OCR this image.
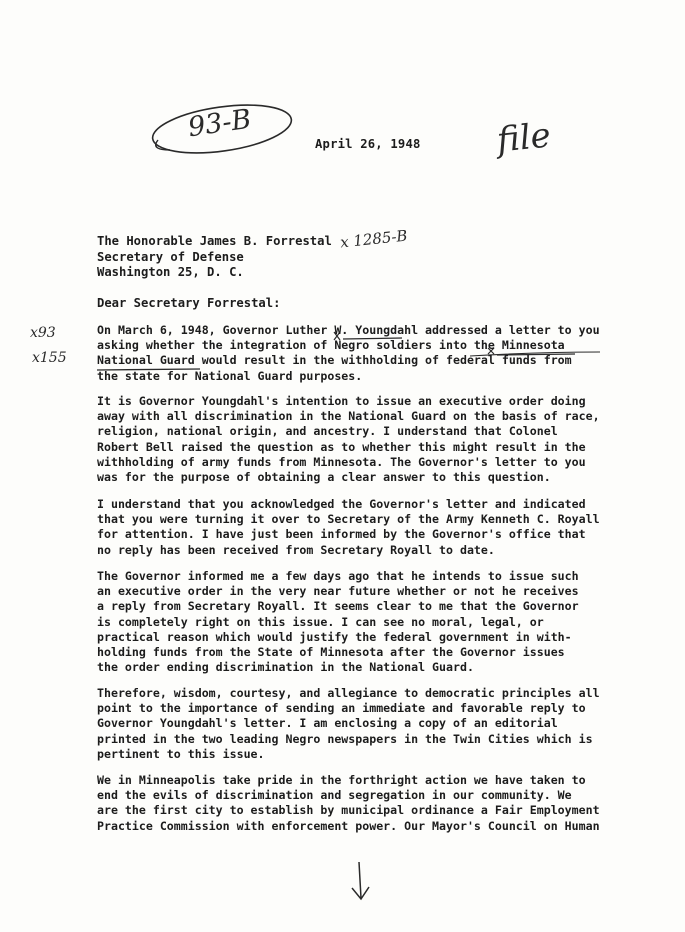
93-B	file
x 1285-B
x93
x155
April 26, 1948
The Honorable James B. Forrestal
Secretary of Defense
Washington 25, D. C.
Dear Secretary Forrestal:
On March 6, 1948, Governor Luther W. Youngdahl addressed a letter to you
asking whether the integration of Negro soldiers into the Minnesota
National Guard would result in the withholding of federal funds from
the state for National Guard purposes.
It is Governor Youngdahl's intention to issue an executive order doing
away with all discrimination in the National Guard on the basis of race,
religion, national origin, and ancestry. I understand that Colonel
Robert Bell raised the question as to whether this might result in the
withholding of army funds from Minnesota. The Governor's letter to you
was for the purpose of obtaining a clear answer to this question.
I understand that you acknowledged the Governor's letter and indicated
that you were turning it over to Secretary of the Army Kenneth C. Royall
for attention. I have just been informed by the Governor's office that
no reply has been received from Secretary Royall to date.
The Governor informed me a few days ago that he intends to issue such
an executive order in the very near future whether or not he receives
a reply from Secretary Royall. It seems clear to me that the Governor
is completely right on this issue. I can see no moral, legal, or
practical reason which would justify the federal government in with-
holding funds from the State of Minnesota after the Governor issues
the order ending discrimination in the National Guard.
Therefore, wisdom, courtesy, and allegiance to democratic principles all
point to the importance of sending an immediate and favorable reply to
Governor Youngdahl's letter. I am enclosing a copy of an editorial
printed in the two leading Negro newspapers in the Twin Cities which is
pertinent to this issue.
We in Minneapolis take pride in the forthright action we have taken to
end the evils of discrimination and segregation in our community. We
are the first city to establish by municipal ordinance a Fair Employment
Practice Commission with enforcement power. Our Mayor's Council on Human
